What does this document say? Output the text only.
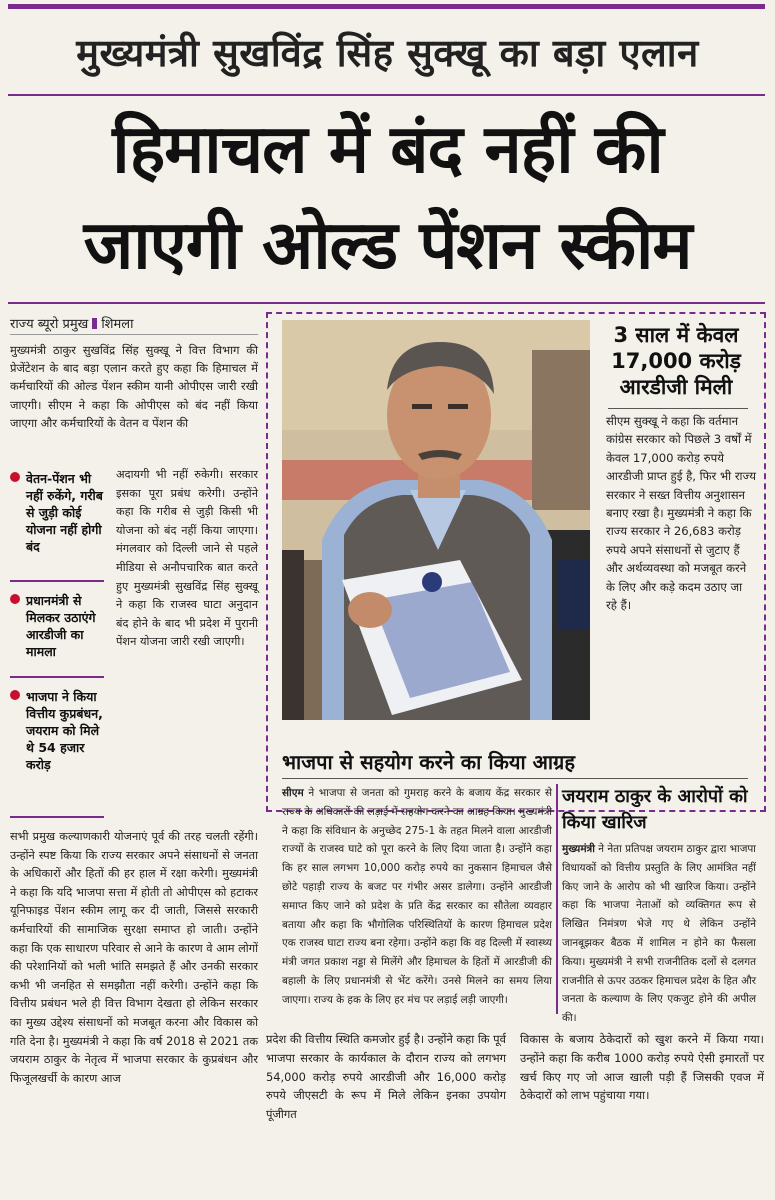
मुख्यमंत्री सुखविंद्र सिंह सुक्खू का बड़ा एलान
हिमाचल में बंद नहीं की
जाएगी ओल्ड पेंशन स्कीम
राज्य ब्यूरो प्रमुख शिमला
मुख्यमंत्री ठाकुर सुखविंद्र सिंह सुक्खू ने वित्त विभाग की प्रेजेंटेशन के बाद बड़ा एलान करते हुए कहा कि हिमाचल में कर्मचारियों की ओल्ड पेंशन स्कीम यानी ओपीएस जारी रखी जाएगी। सीएम ने कहा कि ओपीएस को बंद नहीं किया जाएगा और कर्मचारियों के वेतन व पेंशन की
वेतन-पेंशन भी नहीं रुकेंगे, गरीब से जुड़ी कोई योजना नहीं होगी बंद
प्रधानमंत्री से मिलकर उठाएंगे आरडीजी का मामला
भाजपा ने किया वित्तीय कुप्रबंधन, जयराम को मिले थे 54 हजार करोड़
अदायगी भी नहीं रुकेगी। सरकार इसका पूरा प्रबंध करेगी। उन्होंने कहा कि गरीब से जुड़ी किसी भी योजना को बंद नहीं किया जाएगा। मंगलवार को दिल्ली जाने से पहले मीडिया से अनौपचारिक बात करते हुए मुख्यमंत्री सुखविंद्र सिंह सुक्खू ने कहा कि राजस्व घाटा अनुदान बंद होने के बाद भी प्रदेश में पुरानी पेंशन योजना जारी रखी जाएगी।
सभी प्रमुख कल्याणकारी योजनाएं पूर्व की तरह चलती रहेंगी। उन्होंने स्पष्ट किया कि राज्य सरकार अपने संसाधनों से जनता के अधिकारों और हितों की हर हाल में रक्षा करेगी। मुख्यमंत्री ने कहा कि यदि भाजपा सत्ता में होती तो ओपीएस को हटाकर यूनिफाइड पेंशन स्कीम लागू कर दी जाती, जिससे सरकारी कर्मचारियों की सामाजिक सुरक्षा समाप्त हो जाती। उन्होंने कहा कि एक साधारण परिवार से आने के कारण वे आम लोगों की परेशानियों को भली भांति समझते हैं और उनकी सरकार कभी भी जनहित से समझौता नहीं करेगी। उन्होंने कहा कि वित्तीय प्रबंधन भले ही वित्त विभाग देखता हो लेकिन सरकार का मुख्य उद्देश्य संसाधनों को मजबूत करना और विकास को गति देना है। मुख्यमंत्री ने कहा कि वर्ष 2018 से 2021 तक जयराम ठाकुर के नेतृत्व में भाजपा सरकार के कुप्रबंधन और फिजूलखर्ची के कारण आज
3 साल में केवल 17,000 करोड़ आरडीजी मिली
सीएम सुक्खू ने कहा कि वर्तमान कांग्रेस सरकार को पिछले 3 वर्षों में केवल 17,000 करोड़ रुपये आरडीजी प्राप्त हुई है, फिर भी राज्य सरकार ने सख्त वित्तीय अनुशासन बनाए रखा है। मुख्यमंत्री ने कहा कि राज्य सरकार ने 26,683 करोड़ रुपये अपने संसाधनों से जुटाए हैं और अर्थव्यवस्था को मजबूत करने के लिए और कड़े कदम उठाए जा रहे हैं।
भाजपा से सहयोग करने का किया आग्रह
सीएम ने भाजपा से जनता को गुमराह करने के बजाय केंद्र सरकार से राज्य के अधिकारों की लड़ाई में सहयोग करने का आग्रह किया। मुख्यमंत्री ने कहा कि संविधान के अनुच्छेद 275-1 के तहत मिलने वाला आरडीजी राज्यों के राजस्व घाटे को पूरा करने के लिए दिया जाता है। उन्होंने कहा कि हर साल लगभग 10,000 करोड़ रुपये का नुकसान हिमाचल जैसे छोटे पहाड़ी राज्य के बजट पर गंभीर असर डालेगा। उन्होंने आरडीजी समाप्त किए जाने को प्रदेश के प्रति केंद्र सरकार का सौतेला व्यवहार बताया और कहा कि भौगोलिक परिस्थितियों के कारण हिमाचल प्रदेश एक राजस्व घाटा राज्य बना रहेगा। उन्होंने कहा कि वह दिल्ली में स्वास्थ्य मंत्री जगत प्रकाश नड्डा से मिलेंगे और हिमाचल के हितों में आरडीजी की बहाली के लिए प्रधानमंत्री से भेंट करेंगे। उनसे मिलने का समय लिया जाएगा। राज्य के हक के लिए हर मंच पर लड़ाई लड़ी जाएगी।
जयराम ठाकुर के आरोपों को किया खारिज
मुख्यमंत्री ने नेता प्रतिपक्ष जयराम ठाकुर द्वारा भाजपा विधायकों को वित्तीय प्रस्तुति के लिए आमंत्रित नहीं किए जाने के आरोप को भी खारिज किया। उन्होंने कहा कि भाजपा नेताओं को व्यक्तिगत रूप से लिखित निमंत्रण भेजे गए थे लेकिन उन्होंने जानबूझकर बैठक में शामिल न होने का फैसला किया। मुख्यमंत्री ने सभी राजनीतिक दलों से दलगत राजनीति से ऊपर उठकर हिमाचल प्रदेश के हित और जनता के कल्याण के लिए एकजुट होने की अपील की।
प्रदेश की वित्तीय स्थिति कमजोर हुई है। उन्होंने कहा कि पूर्व भाजपा सरकार के कार्यकाल के दौरान राज्य को लगभग 54,000 करोड़ रुपये आरडीजी और 16,000 करोड़ रुपये जीएसटी के रूप में मिले लेकिन इनका उपयोग पूंजीगत
विकास के बजाय ठेकेदारों को खुश करने में किया गया। उन्होंने कहा कि करीब 1000 करोड़ रुपये ऐसी इमारतों पर खर्च किए गए जो आज खाली पड़ी हैं जिसकी एवज में ठेकेदारों को लाभ पहुंचाया गया।
